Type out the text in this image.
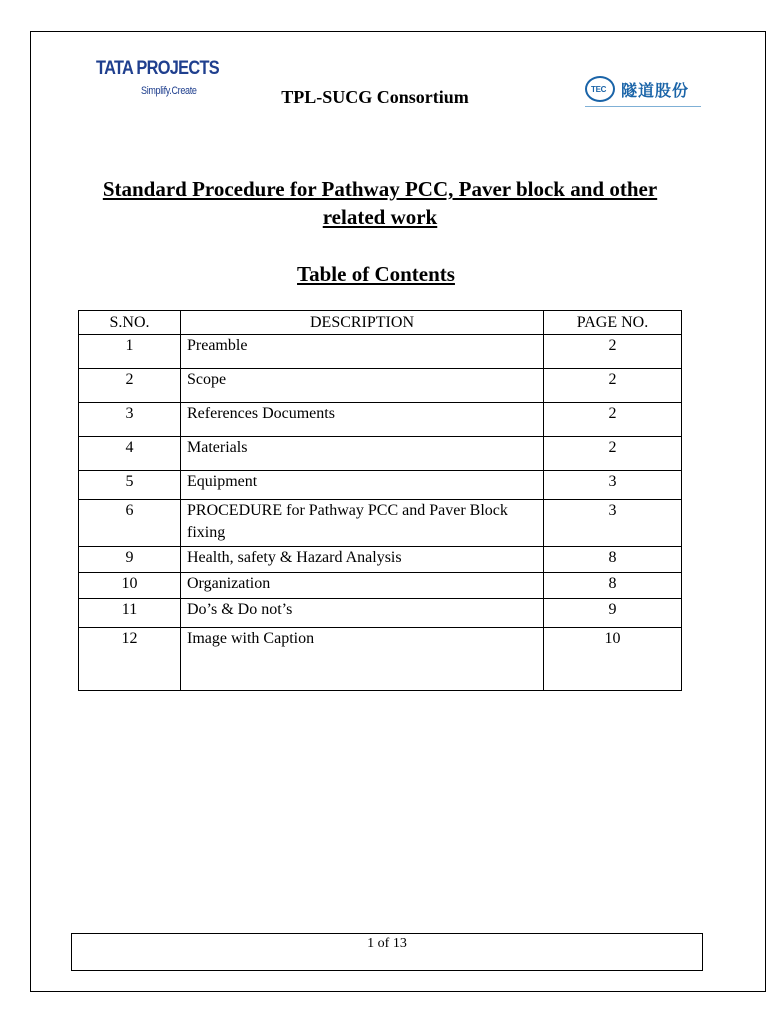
TATA PROJECTS
Simplify.Create	TPL-SUCG Consortium	TEC 隧道股份
Standard Procedure for Pathway PCC, Paver block and other related work
Table of Contents
S.NO.	DESCRIPTION	PAGE NO.
1	Preamble	2
2	Scope	2
3	References Documents	2
4	Materials	2
5	Equipment	3
6	PROCEDURE for Pathway PCC and Paver Block fixing	3
9	Health, safety & Hazard Analysis	8
10	Organization	8
11	Do’s & Do not’s	9
12	Image with Caption	10
1 of 13
